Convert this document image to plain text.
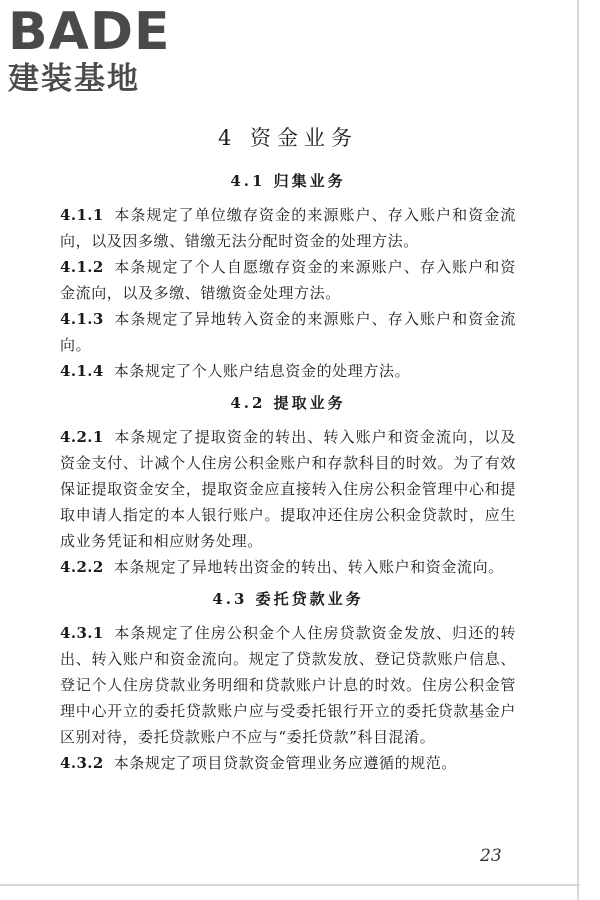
BADE
建装基地
4 资金业务
4.1 归集业务

4.1.1 本条规定了单位缴存资金的来源账户、存入账户和资金流向，以及因多缴、错缴无法分配时资金的处理方法。

4.1.2 本条规定了个人自愿缴存资金的来源账户、存入账户和资金流向，以及多缴、错缴资金处理方法。

4.1.3 本条规定了异地转入资金的来源账户、存入账户和资金流向。

4.1.4 本条规定了个人账户结息资金的处理方法。

4.2 提取业务

4.2.1 本条规定了提取资金的转出、转入账户和资金流向，以及资金支付、计减个人住房公积金账户和存款科目的时效。为了有效保证提取资金安全，提取资金应直接转入住房公积金管理中心和提取申请人指定的本人银行账户。提取冲还住房公积金贷款时，应生成业务凭证和相应财务处理。

4.2.2 本条规定了异地转出资金的转出、转入账户和资金流向。

4.3 委托贷款业务

4.3.1 本条规定了住房公积金个人住房贷款资金发放、归还的转出、转入账户和资金流向。规定了贷款发放、登记贷款账户信息、登记个人住房贷款业务明细和贷款账户计息的时效。住房公积金管理中心开立的委托贷款账户应与受委托银行开立的委托贷款基金户区别对待，委托贷款账户不应与“委托贷款”科目混淆。

4.3.2 本条规定了项目贷款资金管理业务应遵循的规范。

23
